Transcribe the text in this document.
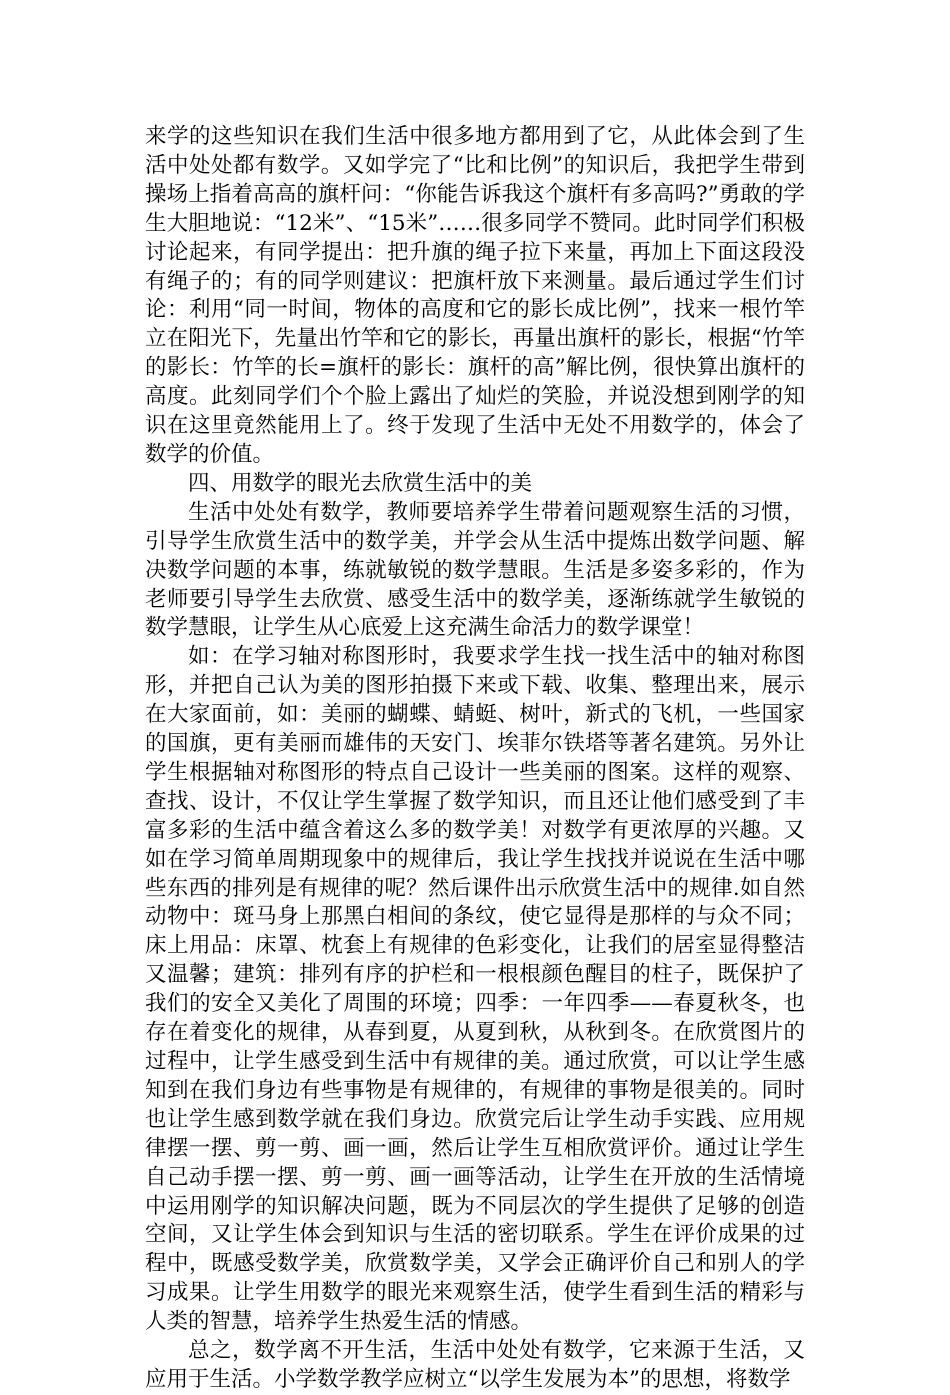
来学的这些知识在我们生活中很多地方都用到了它，从此体会到了生活中处处都有数学。又如学完了“比和比例”的知识后，我把学生带到操场上指着高高的旗杆问：“你能告诉我这个旗杆有多高吗?”勇敢的学生大胆地说：“12米”、“15米”……很多同学不赞同。此时同学们积极讨论起来，有同学提出：把升旗的绳子拉下来量，再加上下面这段没有绳子的；有的同学则建议：把旗杆放下来测量。最后通过学生们讨论：利用“同一时间，物体的高度和它的影长成比例”，找来一根竹竿立在阳光下，先量出竹竿和它的影长，再量出旗杆的影长，根据“竹竿的影长：竹竿的长=旗杆的影长：旗杆的高”解比例，很快算出旗杆的高度。此刻同学们个个脸上露出了灿烂的笑脸，并说没想到刚学的知识在这里竟然能用上了。终于发现了生活中无处不用数学的，体会了数学的价值。

四、用数学的眼光去欣赏生活中的美

生活中处处有数学，教师要培养学生带着问题观察生活的习惯，引导学生欣赏生活中的数学美，并学会从生活中提炼出数学问题、解决数学问题的本事，练就敏锐的数学慧眼。生活是多姿多彩的，作为老师要引导学生去欣赏、感受生活中的数学美，逐渐练就学生敏锐的数学慧眼，让学生从心底爱上这充满生命活力的数学课堂！

如：在学习轴对称图形时，我要求学生找一找生活中的轴对称图形，并把自己认为美的图形拍摄下来或下载、收集、整理出来，展示在大家面前，如：美丽的蝴蝶、蜻蜓、树叶，新式的飞机，一些国家的国旗，更有美丽而雄伟的天安门、埃菲尔铁塔等著名建筑。另外让学生根据轴对称图形的特点自己设计一些美丽的图案。这样的观察、查找、设计，不仅让学生掌握了数学知识，而且还让他们感受到了丰富多彩的生活中蕴含着这么多的数学美！对数学有更浓厚的兴趣。又如在学习简单周期现象中的规律后，我让学生找找并说说在生活中哪些东西的排列是有规律的呢？然后课件出示欣赏生活中的规律.如自然动物中：斑马身上那黑白相间的条纹，使它显得是那样的与众不同；床上用品：床罩、枕套上有规律的色彩变化，让我们的居室显得整洁又温馨；建筑：排列有序的护栏和一根根颜色醒目的柱子，既保护了我们的安全又美化了周围的环境；四季：一年四季——春夏秋冬，也存在着变化的规律，从春到夏，从夏到秋，从秋到冬。在欣赏图片的过程中，让学生感受到生活中有规律的美。通过欣赏，可以让学生感知到在我们身边有些事物是有规律的，有规律的事物是很美的。同时也让学生感到数学就在我们身边。欣赏完后让学生动手实践、应用规律摆一摆、剪一剪、画一画，然后让学生互相欣赏评价。通过让学生自己动手摆一摆、剪一剪、画一画等活动，让学生在开放的生活情境中运用刚学的知识解决问题，既为不同层次的学生提供了足够的创造空间，又让学生体会到知识与生活的密切联系。学生在评价成果的过程中，既感受数学美，欣赏数学美，又学会正确评价自己和别人的学习成果。让学生用数学的眼光来观察生活，使学生看到生活的精彩与人类的智慧，培养学生热爱生活的情感。

总之，数学离不开生活，生活中处处有数学，它来源于生活，又应用于生活。小学数学教学应树立“以学生发展为本”的思想，将数学
